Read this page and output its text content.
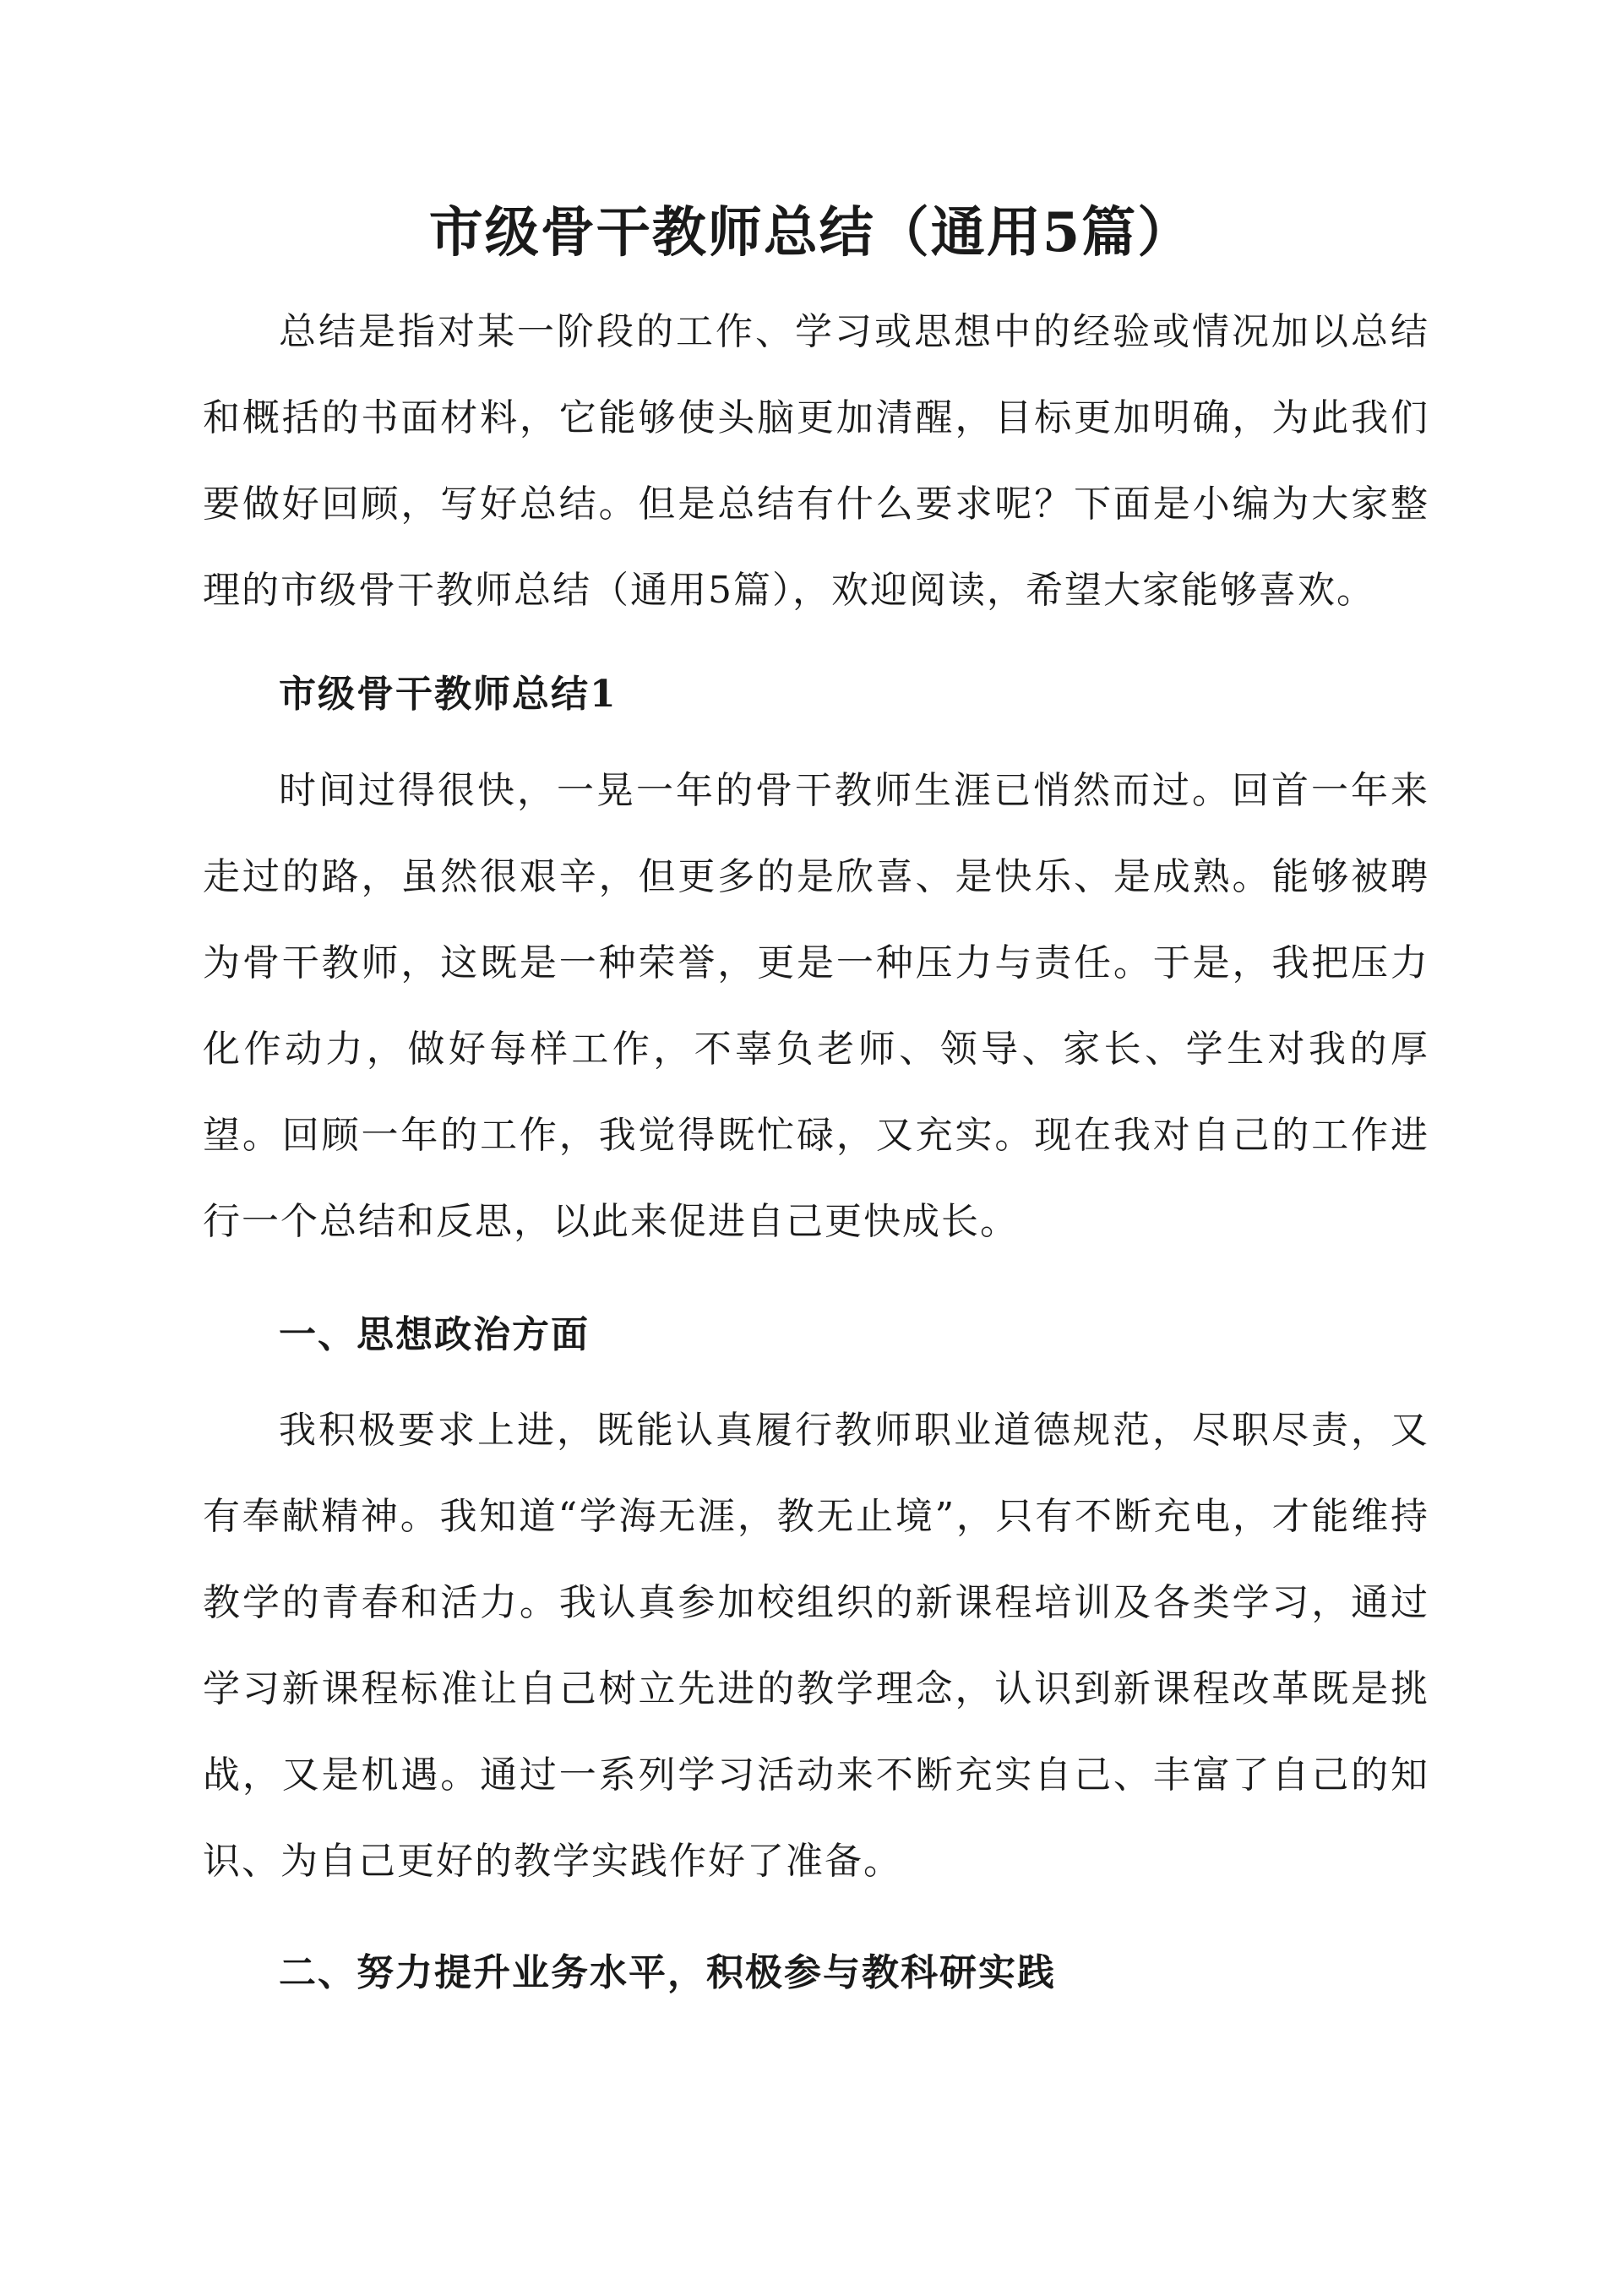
市级骨干教师总结（通用5篇）

总结是指对某一阶段的工作、学习或思想中的经验或情况加以总结和概括的书面材料，它能够使头脑更加清醒，目标更加明确，为此我们要做好回顾，写好总结。但是总结有什么要求呢？下面是小编为大家整理的市级骨干教师总结（通用5篇），欢迎阅读，希望大家能够喜欢。

市级骨干教师总结1

时间过得很快，一晃一年的骨干教师生涯已悄然而过。回首一年来走过的路，虽然很艰辛，但更多的是欣喜、是快乐、是成熟。能够被聘为骨干教师，这既是一种荣誉，更是一种压力与责任。于是，我把压力化作动力，做好每样工作，不辜负老师、领导、家长、学生对我的厚望。回顾一年的工作，我觉得既忙碌，又充实。现在我对自己的工作进行一个总结和反思，以此来促进自己更快成长。

一、思想政治方面

我积极要求上进，既能认真履行教师职业道德规范，尽职尽责，又有奉献精神。我知道“学海无涯，教无止境”，只有不断充电，才能维持教学的青春和活力。我认真参加校组织的新课程培训及各类学习，通过学习新课程标准让自己树立先进的教学理念，认识到新课程改革既是挑战，又是机遇。通过一系列学习活动来不断充实自己、丰富了自己的知识、为自己更好的教学实践作好了准备。

二、努力提升业务水平，积极参与教科研实践
